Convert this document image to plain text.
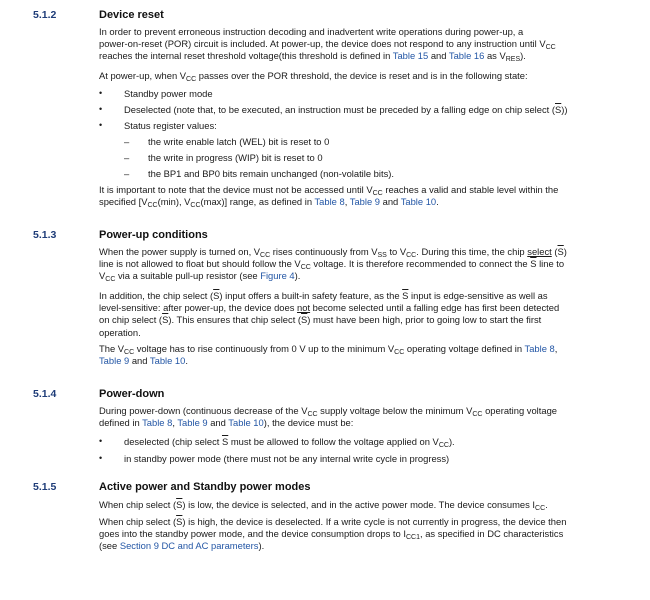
5.1.2	Device reset

In order to prevent erroneous instruction decoding and inadvertent write operations during power-up, a

power-on-reset (POR) circuit is included. At power-up, the device does not respond to any instruction until $V_{CC}$

reaches the internal reset threshold voltage(this threshold is defined in Table 15 and Table 16 as $V_{RES}$).

At power-up, when $V_{CC}$ passes over the POR threshold, the device is reset and is in the following state:

• Standby power mode
• Deselected (note that, to be executed, an instruction must be preceded by a falling edge on chip select $(\overline{S})$)
• Status register values:
– the write enable latch (WEL) bit is reset to 0
– the write in progress (WIP) bit is reset to 0
– the BP1 and BP0 bits remain unchanged (non-volatile bits).

It is important to note that the device must not be accessed until $V_{CC}$ reaches a valid and stable level within the

specified [$V_{CC}(\min)$, $V_{CC}(\max)$] range, as defined in Table 8, Table 9 and Table 10.

5.1.3	Power-up conditions

When the power supply is turned on, $V_{CC}$ rises continuously from $V_{SS}$ to $V_{CC}$. During this time, the chip select $(\overline{S})$

line is not allowed to float but should follow the $V_{CC}$ voltage. It is therefore recommended to connect the $\overline{S}$ line to

$V_{CC}$ via a suitable pull-up resistor (see Figure 4).

In addition, the chip select $(\overline{S})$ input offers a built-in safety feature, as the $\overline{S}$ input is edge-sensitive as well as

level-sensitive: after power-up, the device does not become selected until a falling edge has first been detected

on chip select $(\overline{S})$. This ensures that chip select $(\overline{S})$ must have been high, prior to going low to start the first

operation.

The $V_{CC}$ voltage has to rise continuously from 0 V up to the minimum $V_{CC}$ operating voltage defined in Table 8,

Table 9 and Table 10.

5.1.4	Power-down

During power-down (continuous decrease of the $V_{CC}$ supply voltage below the minimum $V_{CC}$ operating voltage

defined in Table 8, Table 9 and Table 10), the device must be:

• deselected (chip select $\overline{S}$ must be allowed to follow the voltage applied on $V_{CC}$).
• in standby power mode (there must not be any internal write cycle in progress)
5.1.5	Active power and Standby power modes

When chip select $(\overline{S})$ is low, the device is selected, and in the active power mode. The device consumes $I_{CC}$.

When chip select $(\overline{S})$ is high, the device is deselected. If a write cycle is not currently in progress, the device then

goes into the standby power mode, and the device consumption drops to $I_{CC1}$, as specified in DC characteristics

(see Section 9 DC and AC parameters).
